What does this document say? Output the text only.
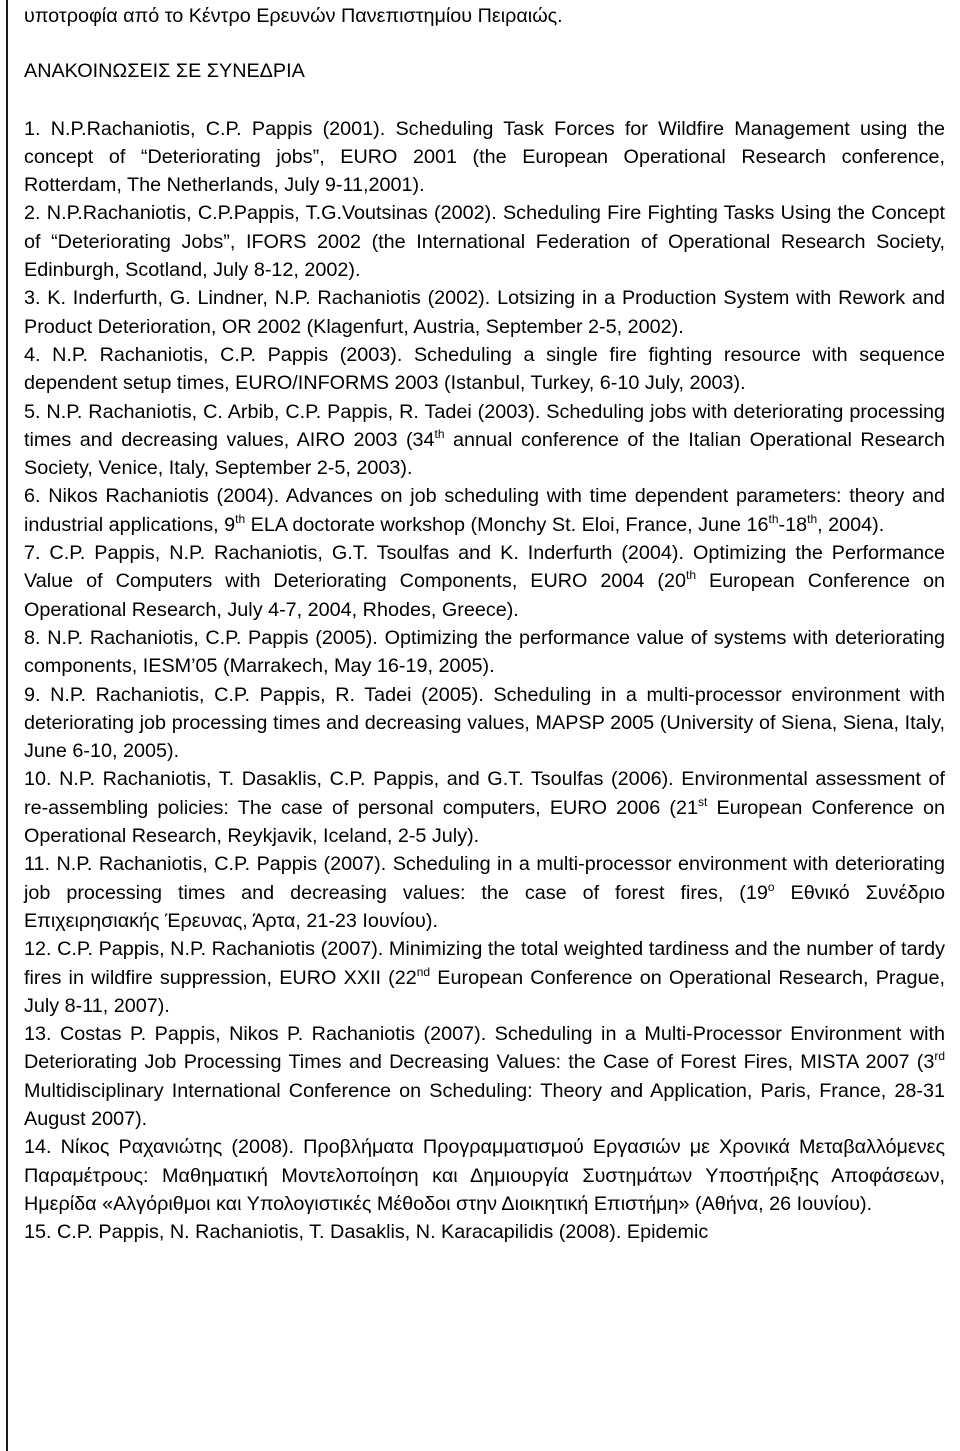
υποτροφία από το Κέντρο Ερευνών Πανεπιστημίου Πειραιώς.

ΑΝΑΚΟΙΝΩΣΕΙΣ ΣΕ ΣΥΝΕΔΡΙΑ

1. N.P.Rachaniotis, C.P. Pappis (2001). Scheduling Task Forces for Wildfire Management using the concept of “Deteriorating jobs”, EURO 2001 (the European Operational Research conference, Rotterdam, The Netherlands, July 9-11,2001).

2. N.P.Rachaniotis, C.P.Pappis, T.G.Voutsinas (2002). Scheduling Fire Fighting Tasks Using the Concept of “Deteriorating Jobs”, IFORS 2002 (the International Federation of Operational Research Society, Edinburgh, Scotland, July 8-12, 2002).

3. K. Inderfurth, G. Lindner, N.P. Rachaniotis (2002). Lotsizing in a Production System with Rework and Product Deterioration, OR 2002 (Klagenfurt, Austria, September 2-5, 2002).

4. N.P. Rachaniotis, C.P. Pappis (2003). Scheduling a single fire fighting resource with sequence dependent setup times, EURO/INFORMS 2003 (Istanbul, Turkey, 6-10 July, 2003).

5. N.P. Rachaniotis, C. Arbib, C.P. Pappis, R. Tadei (2003). Scheduling jobs with deteriorating processing times and decreasing values, AIRO 2003 (34th annual conference of the Italian Operational Research Society, Venice, Italy, September 2-5, 2003).

6. Nikos Rachaniotis (2004). Advances on job scheduling with time dependent parameters: theory and industrial applications, 9th ELA doctorate workshop (Monchy St. Eloi, France, June 16th-18th, 2004).

7. C.P. Pappis, N.P. Rachaniotis, G.T. Tsoulfas and K. Inderfurth (2004). Optimizing the Performance Value of Computers with Deteriorating Components, EURO 2004 (20th European Conference on Operational Research, July 4-7, 2004, Rhodes, Greece).

8. N.P. Rachaniotis, C.P. Pappis (2005). Optimizing the performance value of systems with deteriorating components, IESM’05 (Marrakech, May 16-19, 2005).

9. N.P. Rachaniotis, C.P. Pappis, R. Tadei (2005). Scheduling in a multi-processor environment with deteriorating job processing times and decreasing values, MAPSP 2005 (University of Siena, Siena, Italy, June 6-10, 2005).

10. N.P. Rachaniotis, T. Dasaklis, C.P. Pappis, and G.T. Tsoulfas (2006). Environmental assessment of re-assembling policies: The case of personal computers, EURO 2006 (21st European Conference on Operational Research, Reykjavik, Iceland, 2-5 July).

11. N.P. Rachaniotis, C.P. Pappis (2007). Scheduling in a multi-processor environment with deteriorating job processing times and decreasing values: the case of forest fires, ($19^o$ Εθνικό Συνέδριο Επιχειρησιακής Έρευνας, Άρτα, 21-23 Ιουνίου).

12. C.P. Pappis, N.P. Rachaniotis (2007). Minimizing the total weighted tardiness and the number of tardy fires in wildfire suppression, EURO XXII (22nd European Conference on Operational Research, Prague, July 8-11, 2007).

13. Costas P. Pappis, Nikos P. Rachaniotis (2007). Scheduling in a Multi-Processor Environment with Deteriorating Job Processing Times and Decreasing Values: the Case of Forest Fires, MISTA 2007 (3rd Multidisciplinary International Conference on Scheduling: Theory and Application, Paris, France, 28-31 August 2007).

14. Νίκος Ραχανιώτης (2008). Προβλήματα Προγραμματισμού Εργασιών με Χρονικά Μεταβαλλόμενες Παραμέτρους: Μαθηματική Μοντελοποίηση και Δημιουργία Συστημάτων Υποστήριξης Αποφάσεων, Ημερίδα «Αλγόριθμοι και Υπολογιστικές Μέθοδοι στην Διοικητική Επιστήμη» (Αθήνα, 26 Ιουνίου).

15. C.P. Pappis, N. Rachaniotis, T. Dasaklis, N. Karacapilidis (2008). Epidemic
